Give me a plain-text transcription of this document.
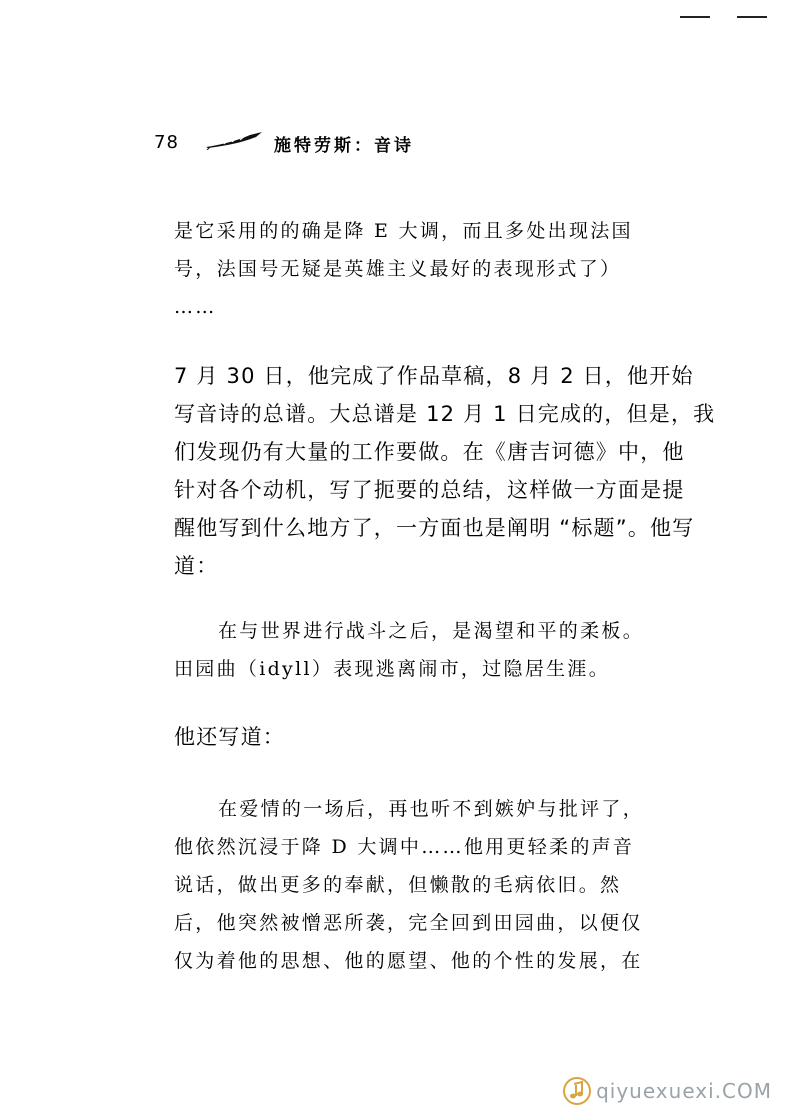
78	施特劳斯：音诗
是它采用的的确是降 E 大调，而且多处出现法国
号，法国号无疑是英雄主义最好的表现形式了）
……
7 月 30 日，他完成了作品草稿，8 月 2 日，他开始
写音诗的总谱。大总谱是 12 月 1 日完成的，但是，我
们发现仍有大量的工作要做。在《唐吉诃德》中，他
针对各个动机，写了扼要的总结，这样做一方面是提
醒他写到什么地方了，一方面也是阐明 “标题”。他写
道：
在与世界进行战斗之后，是渴望和平的柔板。
田园曲（idyll）表现逃离闹市，过隐居生涯。
他还写道：
在爱情的一场后，再也听不到嫉妒与批评了，
他依然沉浸于降 D 大调中……他用更轻柔的声音
说话，做出更多的奉献，但懒散的毛病依旧。然
后，他突然被憎恶所袭，完全回到田园曲，以便仅
仅为着他的思想、他的愿望、他的个性的发展，在
qiyuexuexi.COM
